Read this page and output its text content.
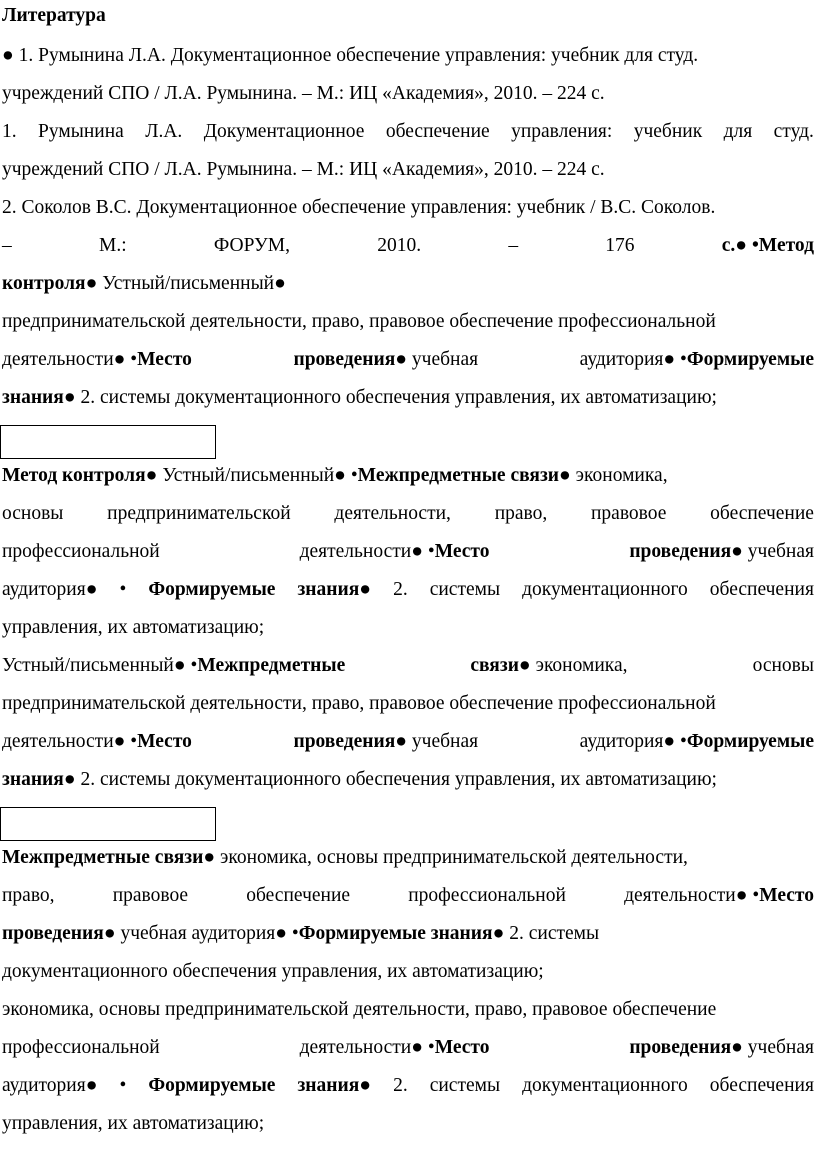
Литература
● 1. Румынина Л.А. Документационное обеспечение управления: учебник для студ.
учреждений СПО / Л.А. Румынина. – М.: ИЦ «Академия», 2010. – 224 с.
1. Румынина Л.А. Документационное обеспечение управления: учебник для студ.
учреждений СПО / Л.А. Румынина. – М.: ИЦ «Академия», 2010. – 224 с.
2. Соколов В.С. Документационное обеспечение управления: учебник / В.С. Соколов.
–	М.:	ФОРУМ,	2010.	–	176	с.● •Метод
контроля● Устный/письменный●
предпринимательской деятельности, право, правовое обеспечение профессиональной
деятельности● •Место	проведения● учебная	аудитория● •Формируемые
знания● 2. системы документационного обеспечения управления, их автоматизацию;
Метод контроля● Устный/письменный● •Межпредметные связи● экономика,
основы предпринимательской деятельности, право, правовое обеспечение
профессиональной	деятельности● •Место	проведения● учебная
аудитория● • Формируемые знания● 2. системы документационного обеспечения
управления, их автоматизацию;
Устный/письменный● •Межпредметные	связи● экономика,	основы
предпринимательской деятельности, право, правовое обеспечение профессиональной
деятельности● •Место	проведения● учебная	аудитория● •Формируемые
знания● 2. системы документационного обеспечения управления, их автоматизацию;
Межпредметные связи● экономика, основы предпринимательской деятельности,
право,	правовое	обеспечение	профессиональной	деятельности● •Место
проведения● учебная аудитория● •Формируемые знания● 2. системы
документационного обеспечения управления, их автоматизацию;
экономика, основы предпринимательской деятельности, право, правовое обеспечение
профессиональной	деятельности● •Место	проведения● учебная
аудитория● • Формируемые знания● 2. системы документационного обеспечения
управления, их автоматизацию;
